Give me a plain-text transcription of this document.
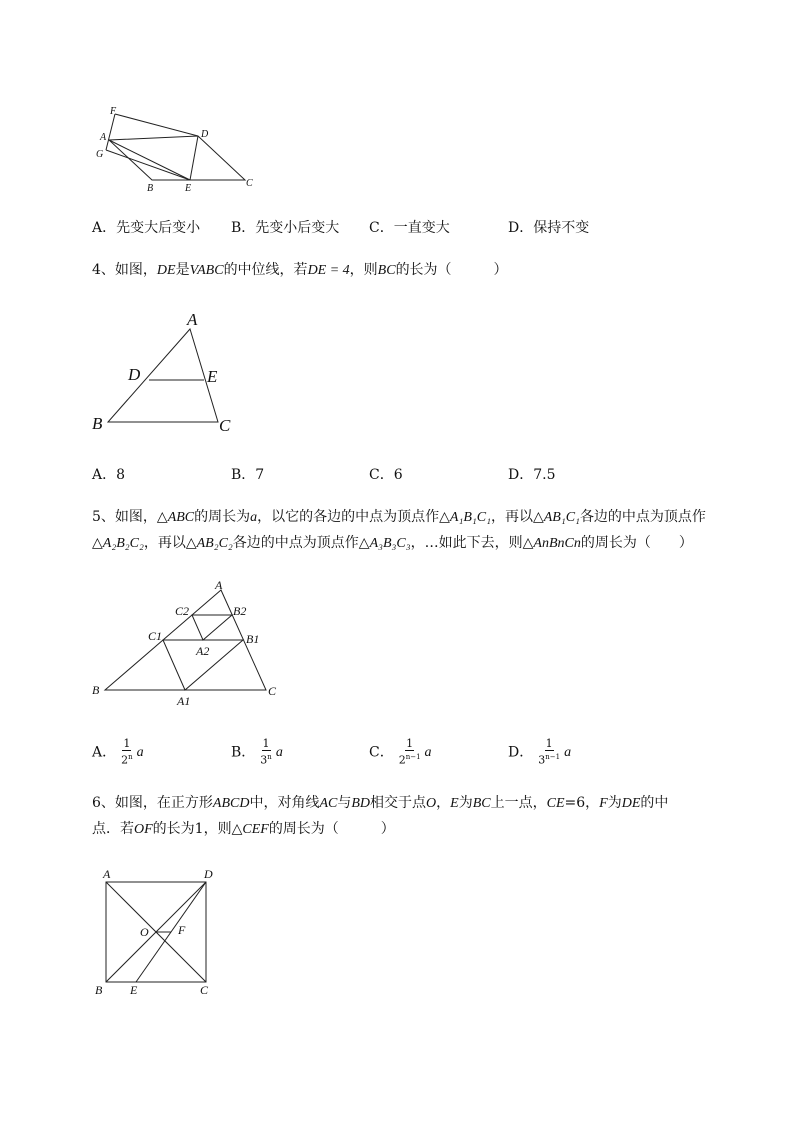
F
A
G
D
B	E	C
A．先变大后变小 B．先变小后变大 C．一直变大	D．保持不变
4、如图，DE是VABC的中位线，若DE = 4，则BC的长为（　　　）
A
D	E
B	C
A．8	B．7	C．6	D．7.5
5、如图，△ABC的周长为a，以它的各边的中点为顶点作△A₁B₁C₁，再以△AB₁C₁各边的中点为顶点作
△A₂B₂C₂，再以△AB₂C₂各边的中点为顶点作△A₃B₃C₃，…如此下去，则△AnBnCn的周长为（　　）
A
C2	B2
C1	B1
A2
B
A1
C
A． $\frac{1}{2^n}$ a	B． $\frac{1}{3^n}$ a	C． $\frac{1}{2^{n-1}}$ a	D． $\frac{1}{3^{n-1}}$ a
6、如图，在正方形ABCD中，对角线AC与BD相交于点O，E为BC上一点，CE=6，F为DE的中
点．若OF的长为1，则△CEF的周长为（　　　）
A	D
O F
B E	C
